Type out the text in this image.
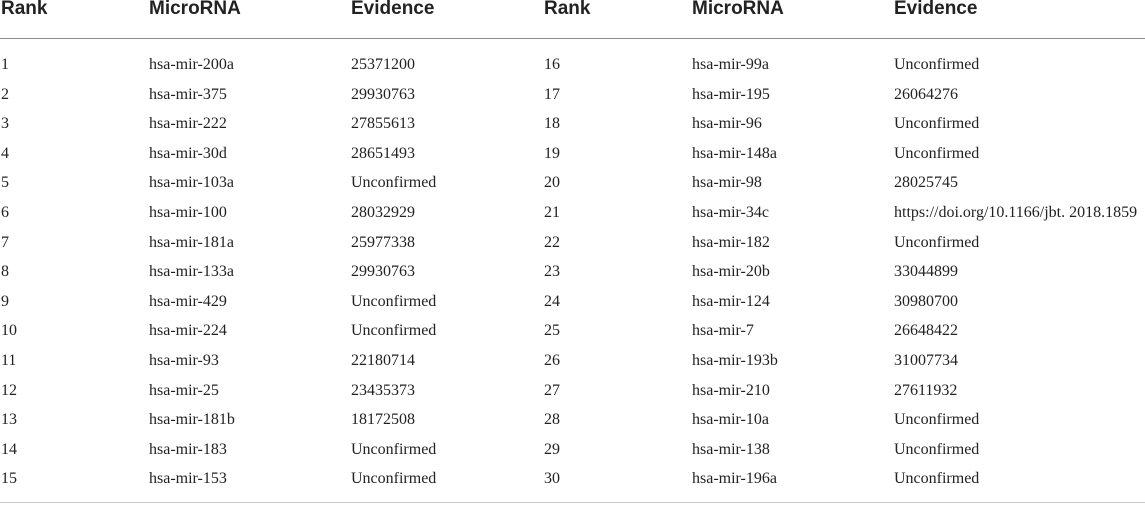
Rank	MicroRNA	Evidence	Rank	MicroRNA	Evidence
1	hsa-mir-200a	25371200	16	hsa-mir-99a	Unconfirmed
2	hsa-mir-375	29930763	17	hsa-mir-195	26064276
3	hsa-mir-222	27855613	18	hsa-mir-96	Unconfirmed
4	hsa-mir-30d	28651493	19	hsa-mir-148a	Unconfirmed
5	hsa-mir-103a	Unconfirmed	20	hsa-mir-98	28025745
6	hsa-mir-100	28032929	21	hsa-mir-34c	https://doi.org/10.1166/jbt. 2018.1859
7	hsa-mir-181a	25977338	22	hsa-mir-182	Unconfirmed
8	hsa-mir-133a	29930763	23	hsa-mir-20b	33044899
9	hsa-mir-429	Unconfirmed	24	hsa-mir-124	30980700
10	hsa-mir-224	Unconfirmed	25	hsa-mir-7	26648422
11	hsa-mir-93	22180714	26	hsa-mir-193b	31007734
12	hsa-mir-25	23435373	27	hsa-mir-210	27611932
13	hsa-mir-181b	18172508	28	hsa-mir-10a	Unconfirmed
14	hsa-mir-183	Unconfirmed	29	hsa-mir-138	Unconfirmed
15	hsa-mir-153	Unconfirmed	30	hsa-mir-196a	Unconfirmed
